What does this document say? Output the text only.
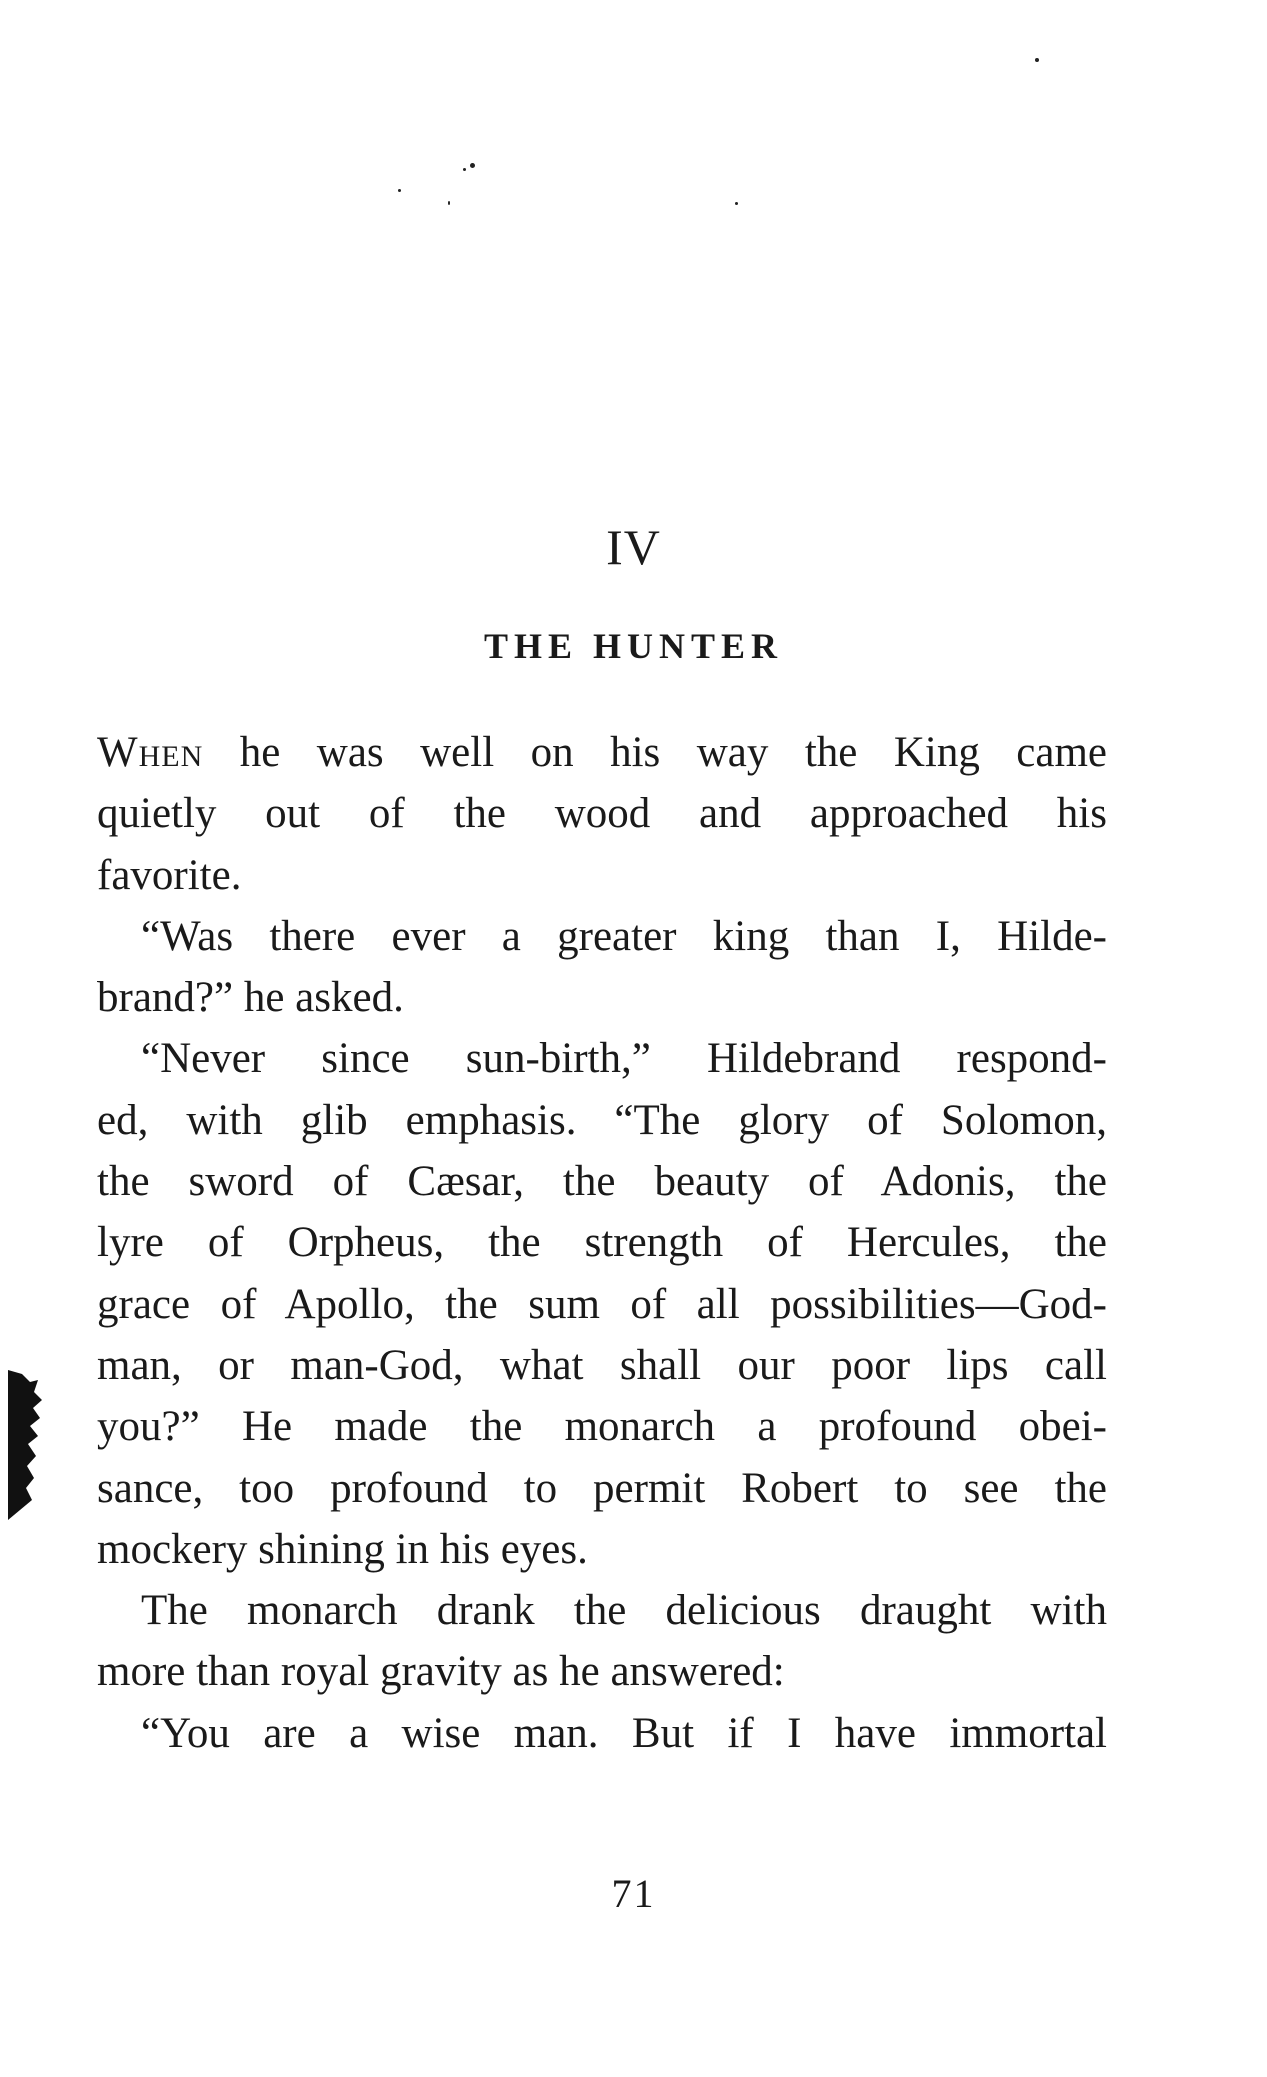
IV
THE HUNTER
When he was well on his way the King came
quietly out of the wood and approached his
favorite.
“Was there ever a greater king than I, Hilde-
brand?” he asked.
“Never since sun-birth,” Hildebrand respond-
ed, with glib emphasis. “The glory of Solomon,
the sword of Cæsar, the beauty of Adonis, the
lyre of Orpheus, the strength of Hercules, the
grace of Apollo, the sum of all possibilities—God-
man, or man-God, what shall our poor lips call
you?” He made the monarch a profound obei-
sance, too profound to permit Robert to see the
mockery shining in his eyes.
The monarch drank the delicious draught with
more than royal gravity as he answered:
“You are a wise man. But if I have immortal
71
